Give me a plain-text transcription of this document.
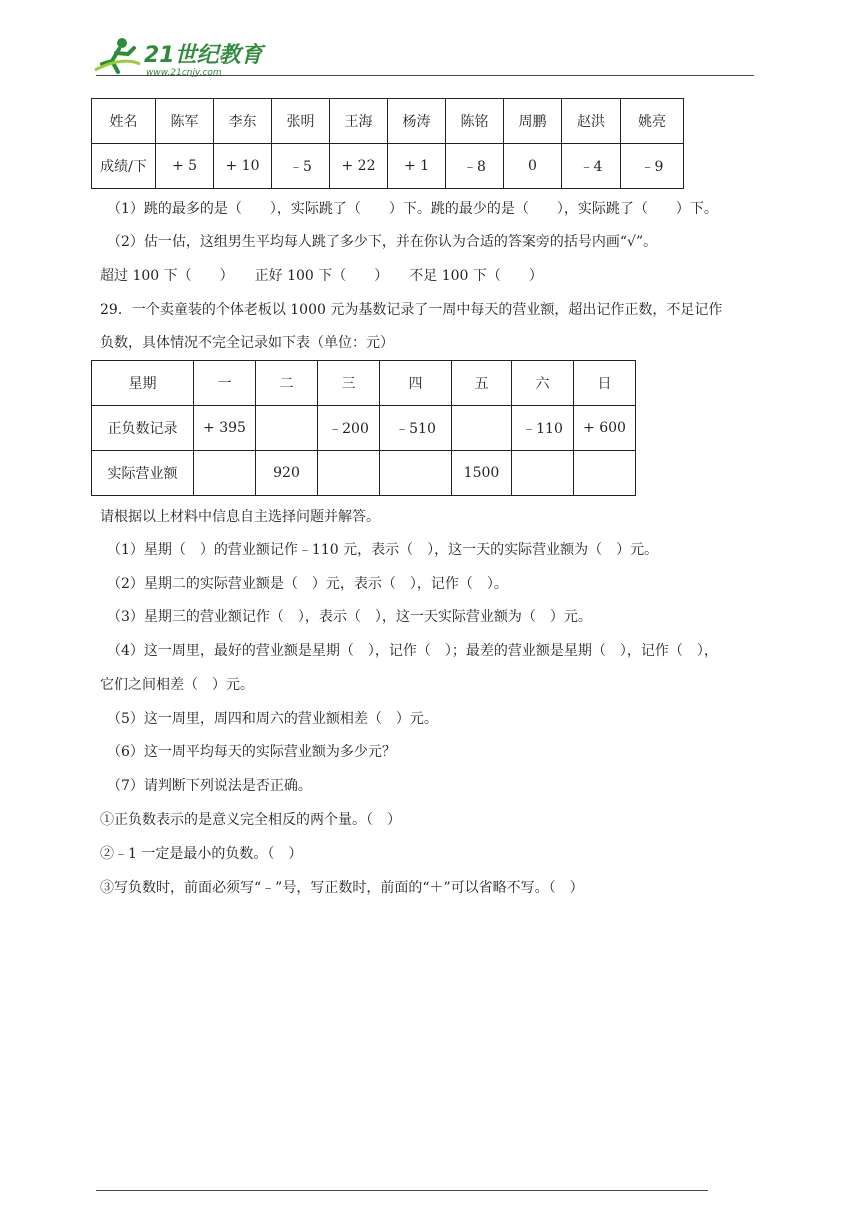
21世纪教育
www.21cnjy.com
姓名	陈军	李东	张明	王海	杨涛	陈铭	周鹏	赵洪	姚亮
成绩/下	+ 5	+ 10	﹣5	+ 22	+ 1	﹣8	0	﹣4	﹣9
（1）跳的最多的是（　　），实际跳了（　　）下。跳的最少的是（　　），实际跳了（　　）下。
（2）估一估，这组男生平均每人跳了多少下，并在你认为合适的答案旁的括号内画“√”。
超过 100 下（　　）　　正好 100 下（　　）　　不足 100 下（　　）
29．一个卖童装的个体老板以 1000 元为基数记录了一周中每天的营业额，超出记作正数，不足记作
负数，具体情况不完全记录如下表（单位：元）
星期	一	二	三	四	五	六	日
正负数记录	+ 395		﹣200	﹣510		﹣110	+ 600
实际营业额		920			1500		
请根据以上材料中信息自主选择问题并解答。
（1）星期（　）的营业额记作﹣110 元，表示（　），这一天的实际营业额为（　）元。
（2）星期二的实际营业额是（　）元，表示（　），记作（　）。
（3）星期三的营业额记作（　），表示（　），这一天实际营业额为（　）元。
（4）这一周里，最好的营业额是星期（　），记作（　）；最差的营业额是星期（　），记作（　），
它们之间相差（　）元。
（5）这一周里，周四和周六的营业额相差（　）元。
（6）这一周平均每天的实际营业额为多少元？
（7）请判断下列说法是否正确。
①正负数表示的是意义完全相反的两个量。（　）
②﹣1 一定是最小的负数。（　）
③写负数时，前面必须写“﹣”号，写正数时，前面的“＋”可以省略不写。（　）
